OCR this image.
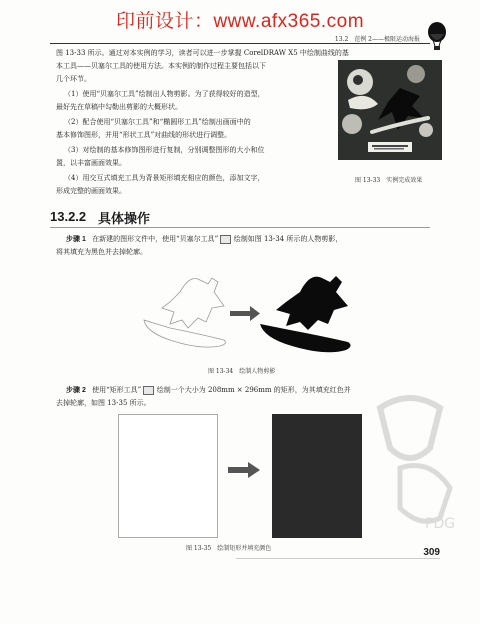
印前设计：www.afx365.com
13.2　范例 2——极限运动海报
图 13-33 所示。通过对本实例的学习，读者可以进一步掌握 CorelDRAW X5 中绘制曲线的基
本工具——贝塞尔工具的使用方法。本实例的制作过程主要包括以下
几个环节。
（1）使用“贝塞尔工具”绘制出人物剪影。为了获得较好的造型，
最好先在草稿中勾勒出剪影的大概形状。
（2）配合使用“贝塞尔工具”和“椭圆形工具”绘制出画面中的
基本修饰图形，并用“形状工具”对曲线的形状进行调整。
（3）对绘制的基本修饰图形进行复制，分别调整图形的大小和位
置，以丰富画面效果。
（4）用交互式填充工具为背景矩形填充相应的颜色，添加文字，
形成完整的画面效果。
图 13-33　实例完成效果
13.2.2 具体操作
步骤 1 在新建的图形文件中，使用“贝塞尔工具” 绘制如图 13-34 所示的人物剪影，
将其填充为黑色并去掉轮廓。
图 13-34　绘制人物剪影
步骤 2 使用“矩形工具” 绘制一个大小为 208mm × 296mm 的矩形，为其填充红色并
去掉轮廓，如图 13-35 所示。
PDG
图 13-35　绘制矩形并填充颜色	309
